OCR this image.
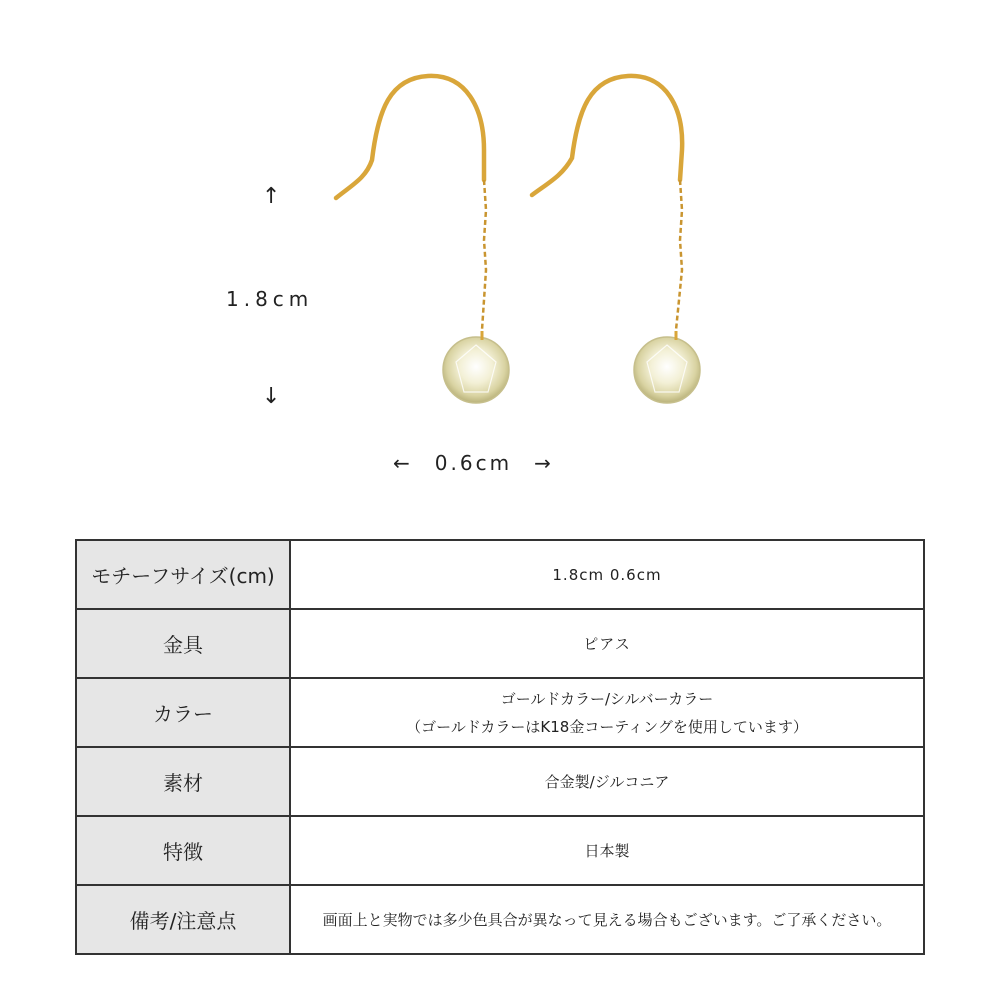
↑
1.8cm
↓
← 0.6cm →
モチーフサイズ(cm)	1.8cm 0.6cm
金具	ピアス
カラー	ゴールドカラー/シルバーカラー
（ゴールドカラーはK18金コーティングを使用しています）

素材	合金製/ジルコニア
特徴	日本製
備考/注意点	画面上と実物では多少色具合が異なって見える場合もございます。ご了承ください。
